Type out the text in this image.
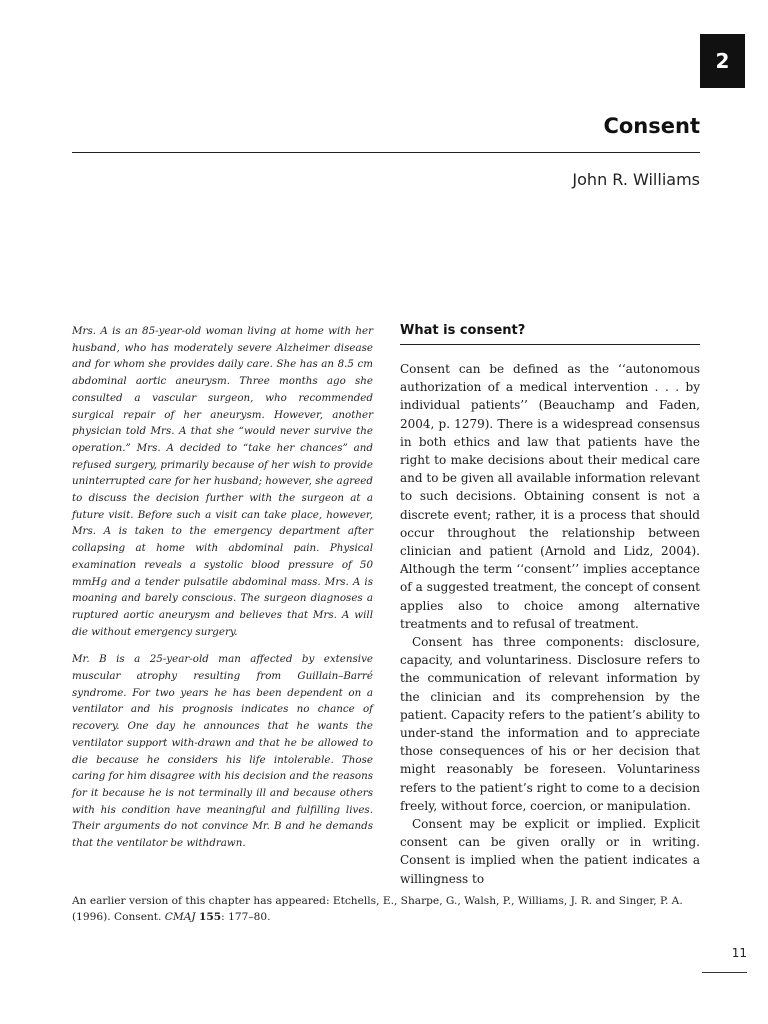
2
Consent
John R. Williams

Mrs. A is an 85-year-old woman living at home with her husband, who has moderately severe Alzheimer disease and for whom she provides daily care. She has an 8.5 cm abdominal aortic aneurysm. Three months ago she consulted a vascular surgeon, who recommended surgical repair of her aneurysm. However, another physician told Mrs. A that she “would never survive the operation.” Mrs. A decided to “take her chances” and refused surgery, primarily because of her wish to provide uninterrupted care for her husband; however, she agreed to discuss the decision further with the surgeon at a future visit. Before such a visit can take place, however, Mrs. A is taken to the emergency department after collapsing at home with abdominal pain. Physical examination reveals a systolic blood pressure of 50 mmHg and a tender pulsatile abdominal mass. Mrs. A is moaning and barely conscious. The surgeon diagnoses a ruptured aortic aneurysm and believes that Mrs. A will die without emergency surgery.

Mr. B is a 25-year-old man affected by extensive muscular atrophy resulting from Guillain–Barré syndrome. For two years he has been dependent on a ventilator and his prognosis indicates no chance of recovery. One day he announces that he wants the ventilator support with-drawn and that he be allowed to die because he considers his life intolerable. Those caring for him disagree with his decision and the reasons for it because he is not terminally ill and because others with his condition have meaningful and fulfilling lives. Their arguments do not convince Mr. B and he demands that the ventilator be withdrawn.

What is consent?

Consent can be defined as the ‘‘autonomous authorization of a medical intervention . . . by individual patients’’ (Beauchamp and Faden, 2004, p. 1279). There is a widespread consensus in both ethics and law that patients have the right to make decisions about their medical care and to be given all available information relevant to such decisions. Obtaining consent is not a discrete event; rather, it is a process that should occur throughout the relationship between clinician and patient (Arnold and Lidz, 2004). Although the term ‘‘consent’’ implies acceptance of a suggested treatment, the concept of consent applies also to choice among alternative treatments and to refusal of treatment.

Consent has three components: disclosure, capacity, and voluntariness. Disclosure refers to the communication of relevant information by the clinician and its comprehension by the patient. Capacity refers to the patient’s ability to under-stand the information and to appreciate those consequences of his or her decision that might reasonably be foreseen. Voluntariness refers to the patient’s right to come to a decision freely, without force, coercion, or manipulation.

Consent may be explicit or implied. Explicit consent can be given orally or in writing. Consent is implied when the patient indicates a willingness to

An earlier version of this chapter has appeared: Etchells, E., Sharpe, G., Walsh, P., Williams, J. R. and Singer, P. A. (1996). Consent. CMAJ 155: 177–80.
11
